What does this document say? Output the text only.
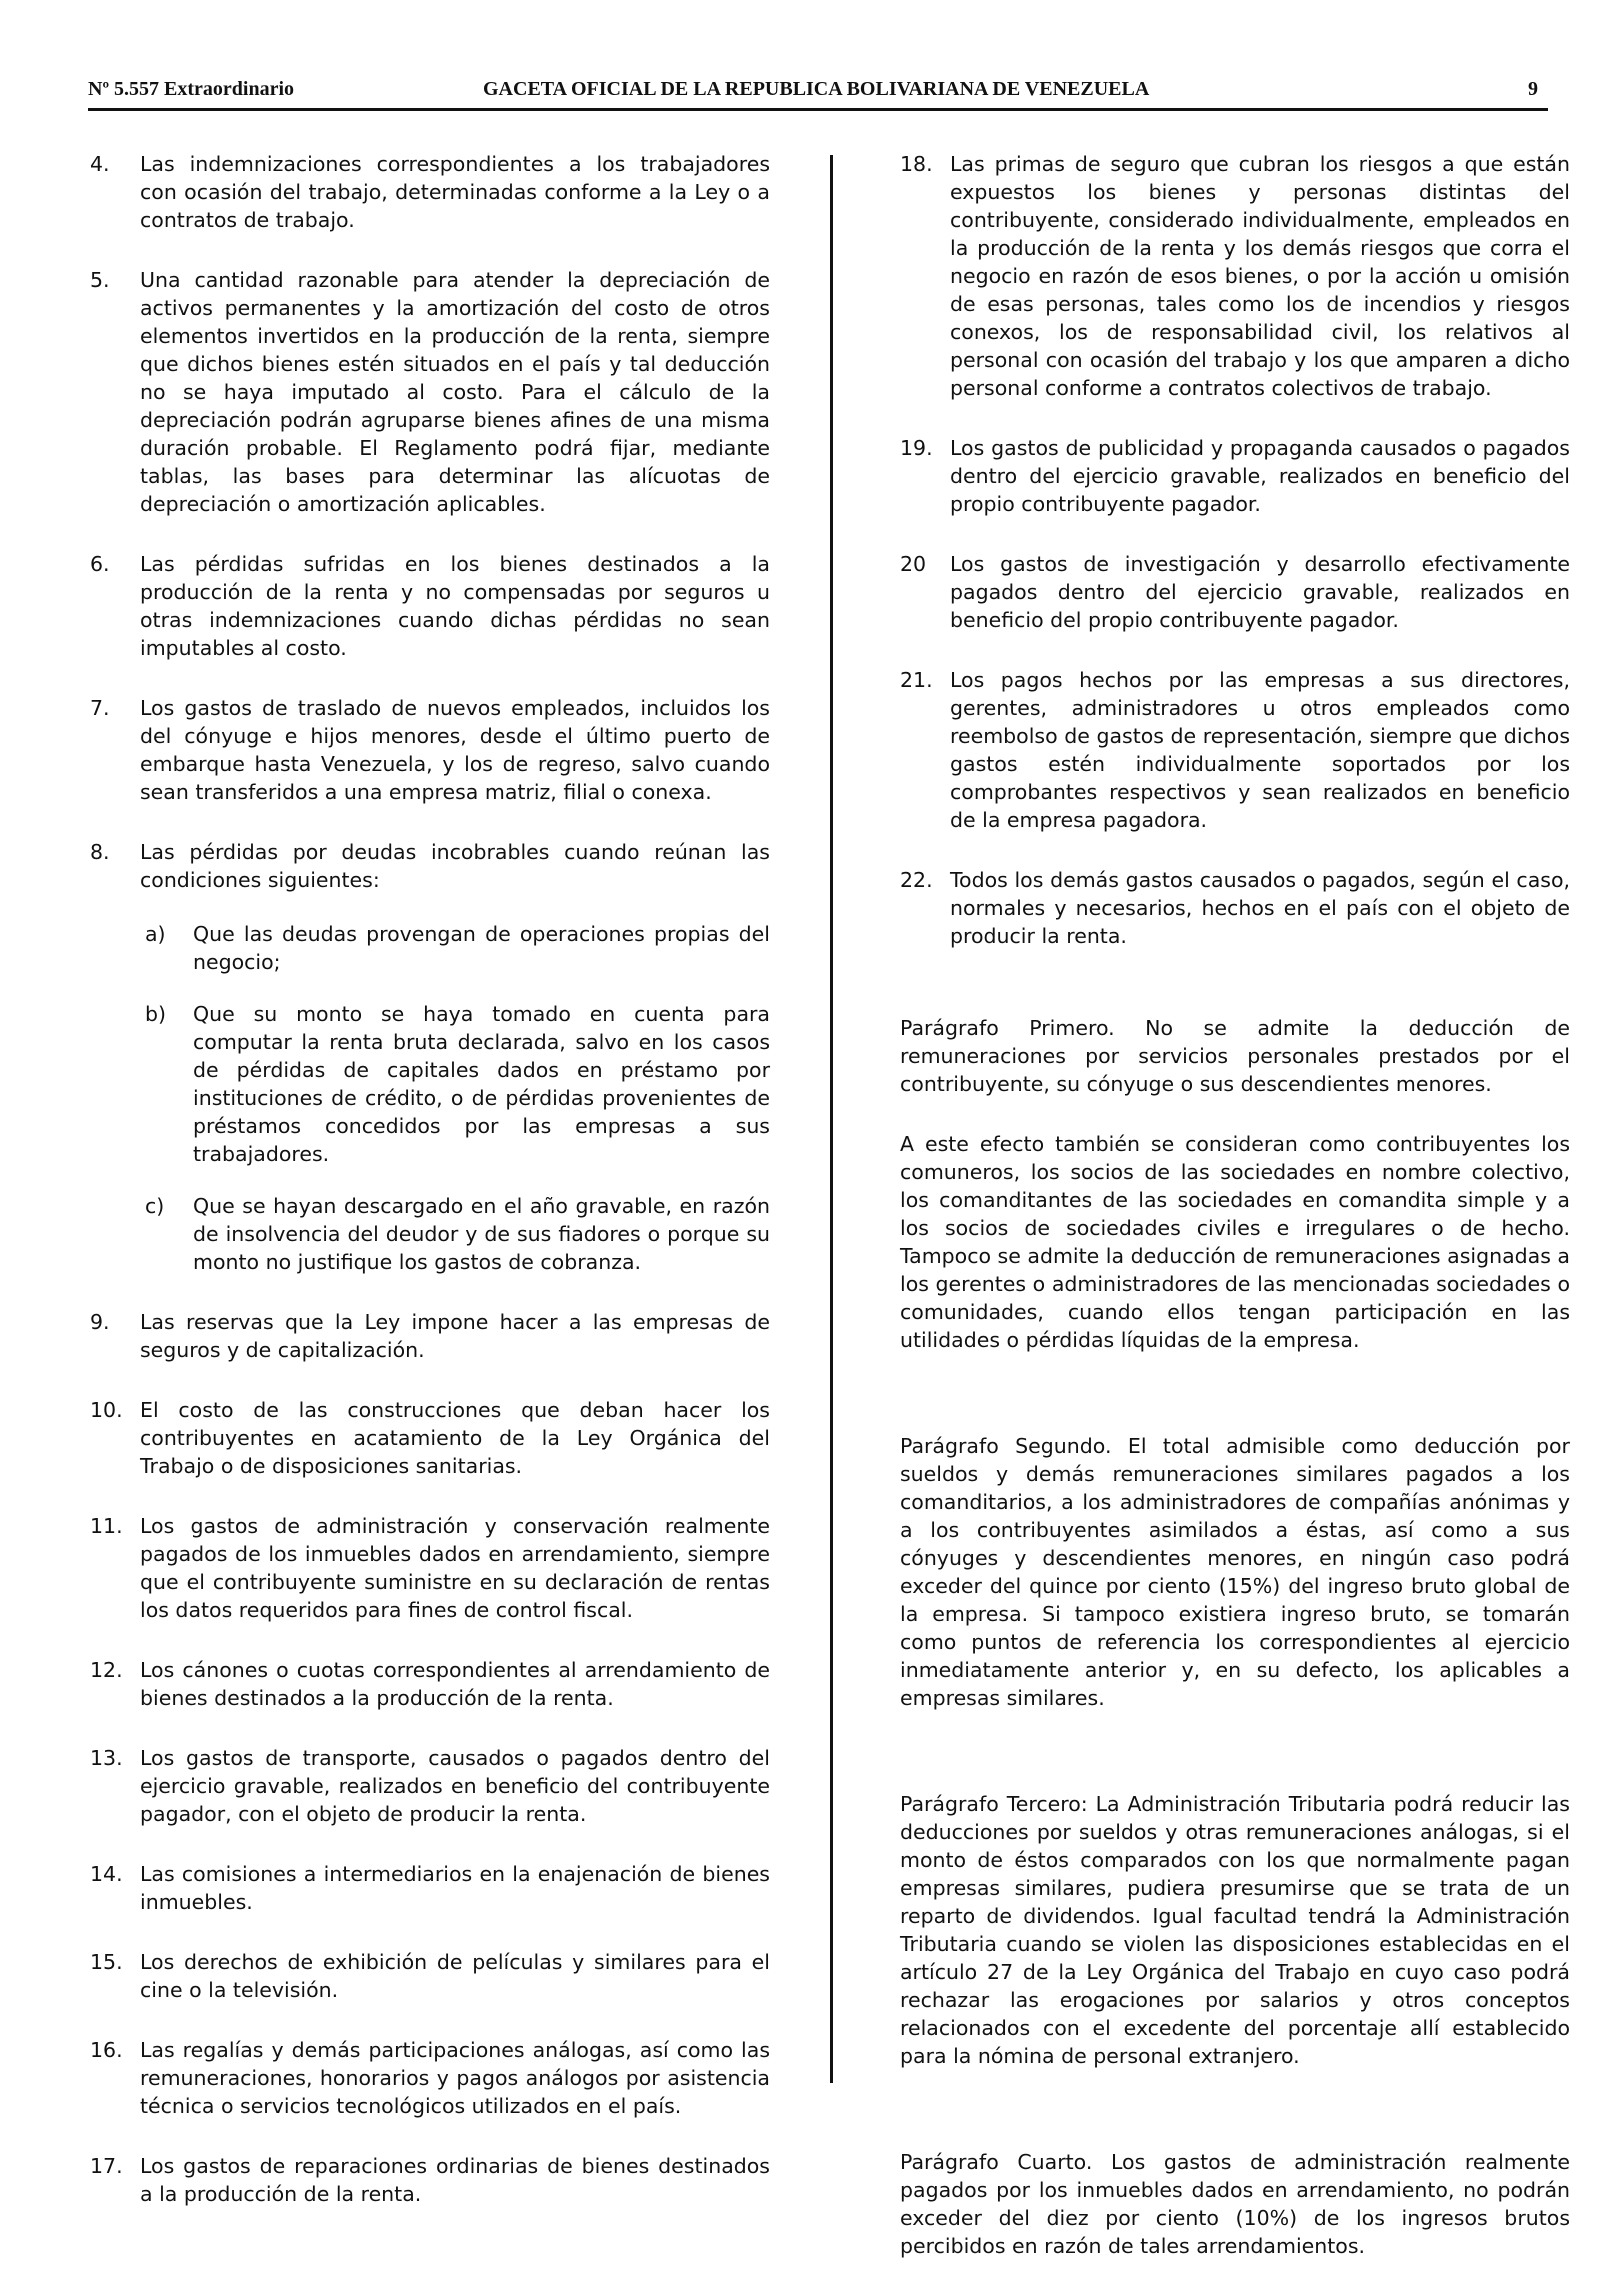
Nº 5.557 Extraordinario	GACETA OFICIAL DE LA REPUBLICA BOLIVARIANA DE VENEZUELA	9
4.	Las indemnizaciones correspondientes a los trabajadores con ocasión del trabajo, determinadas conforme a la Ley o a contratos de trabajo.
5.	Una cantidad razonable para atender la depreciación de activos permanentes y la amortización del costo de otros elementos invertidos en la producción de la renta, siempre que dichos bienes estén situados en el país y tal deducción no se haya imputado al costo. Para el cálculo de la depreciación podrán agruparse bienes afines de una misma duración probable. El Reglamento podrá fijar, mediante tablas, las bases para determinar las alícuotas de depreciación o amortización aplicables.
6.	Las pérdidas sufridas en los bienes destinados a la producción de la renta y no compensadas por seguros u otras indemnizaciones cuando dichas pérdidas no sean imputables al costo.
7.	Los gastos de traslado de nuevos empleados, incluidos los del cónyuge e hijos menores, desde el último puerto de embarque hasta Venezuela, y los de regreso, salvo cuando sean transferidos a una empresa matriz, filial o conexa.
8.	Las pérdidas por deudas incobrables cuando reúnan las condiciones siguientes:
a)	Que las deudas provengan de operaciones propias del negocio;
b)	Que su monto se haya tomado en cuenta para computar la renta bruta declarada, salvo en los casos de pérdidas de capitales dados en préstamo por instituciones de crédito, o de pérdidas provenientes de préstamos concedidos por las empresas a sus trabajadores.
c)	Que se hayan descargado en el año gravable, en razón de insolvencia del deudor y de sus fiadores o porque su monto no justifique los gastos de cobranza.
9.	Las reservas que la Ley impone hacer a las empresas de seguros y de capitalización.
10. El costo de las construcciones que deban hacer los contribuyentes en acatamiento de la Ley Orgánica del Trabajo o de disposiciones sanitarias.
11. Los gastos de administración y conservación realmente pagados de los inmuebles dados en arrendamiento, siempre que el contribuyente suministre en su declaración de rentas los datos requeridos para fines de control fiscal.
12. Los cánones o cuotas correspondientes al arrendamiento de bienes destinados a la producción de la renta.
13. Los gastos de transporte, causados o pagados dentro del ejercicio gravable, realizados en beneficio del contribuyente pagador, con el objeto de producir la renta.
14. Las comisiones a intermediarios en la enajenación de bienes inmuebles.
15. Los derechos de exhibición de películas y similares para el cine o la televisión.
16. Las regalías y demás participaciones análogas, así como las remuneraciones, honorarios y pagos análogos por asistencia técnica o servicios tecnológicos utilizados en el país.
17. Los gastos de reparaciones ordinarias de bienes destinados a la producción de la renta.
18. Las primas de seguro que cubran los riesgos a que están expuestos los bienes y personas distintas del contribuyente, considerado individualmente, empleados en la producción de la renta y los demás riesgos que corra el negocio en razón de esos bienes, o por la acción u omisión de esas personas, tales como los de incendios y riesgos conexos, los de responsabilidad civil, los relativos al personal con ocasión del trabajo y los que amparen a dicho personal conforme a contratos colectivos de trabajo.
19. Los gastos de publicidad y propaganda causados o pagados dentro del ejercicio gravable, realizados en beneficio del propio contribuyente pagador.
20	Los gastos de investigación y desarrollo efectivamente pagados dentro del ejercicio gravable, realizados en beneficio del propio contribuyente pagador.
21. Los pagos hechos por las empresas a sus directores, gerentes, administradores u otros empleados como reembolso de gastos de representación, siempre que dichos gastos estén individualmente soportados por los comprobantes respectivos y sean realizados en beneficio de la empresa pagadora.
22. Todos los demás gastos causados o pagados, según el caso, normales y necesarios, hechos en el país con el objeto de producir la renta.
Parágrafo Primero. No se admite la deducción de remuneraciones por servicios personales prestados por el contribuyente, su cónyuge o sus descendientes menores.
A este efecto también se consideran como contribuyentes los comuneros, los socios de las sociedades en nombre colectivo, los comanditantes de las sociedades en comandita simple y a los socios de sociedades civiles e irregulares o de hecho. Tampoco se admite la deducción de remuneraciones asignadas a los gerentes o administradores de las mencionadas sociedades o comunidades, cuando ellos tengan participación en las utilidades o pérdidas líquidas de la empresa.
Parágrafo Segundo. El total admisible como deducción por sueldos y demás remuneraciones similares pagados a los comanditarios, a los administradores de compañías anónimas y a los contribuyentes asimilados a éstas, así como a sus cónyuges y descendientes menores, en ningún caso podrá exceder del quince por ciento (15%) del ingreso bruto global de la empresa. Si tampoco existiera ingreso bruto, se tomarán como puntos de referencia los correspondientes al ejercicio inmediatamente anterior y, en su defecto, los aplicables a empresas similares.
Parágrafo Tercero: La Administración Tributaria podrá reducir las deducciones por sueldos y otras remuneraciones análogas, si el monto de éstos comparados con los que normalmente pagan empresas similares, pudiera presumirse que se trata de un reparto de dividendos. Igual facultad tendrá la Administración Tributaria cuando se violen las disposiciones establecidas en el artículo 27 de la Ley Orgánica del Trabajo en cuyo caso podrá rechazar las erogaciones por salarios y otros conceptos relacionados con el excedente del porcentaje allí establecido para la nómina de personal extranjero.
Parágrafo Cuarto. Los gastos de administración realmente pagados por los inmuebles dados en arrendamiento, no podrán exceder del diez por ciento (10%) de los ingresos brutos percibidos en razón de tales arrendamientos.
